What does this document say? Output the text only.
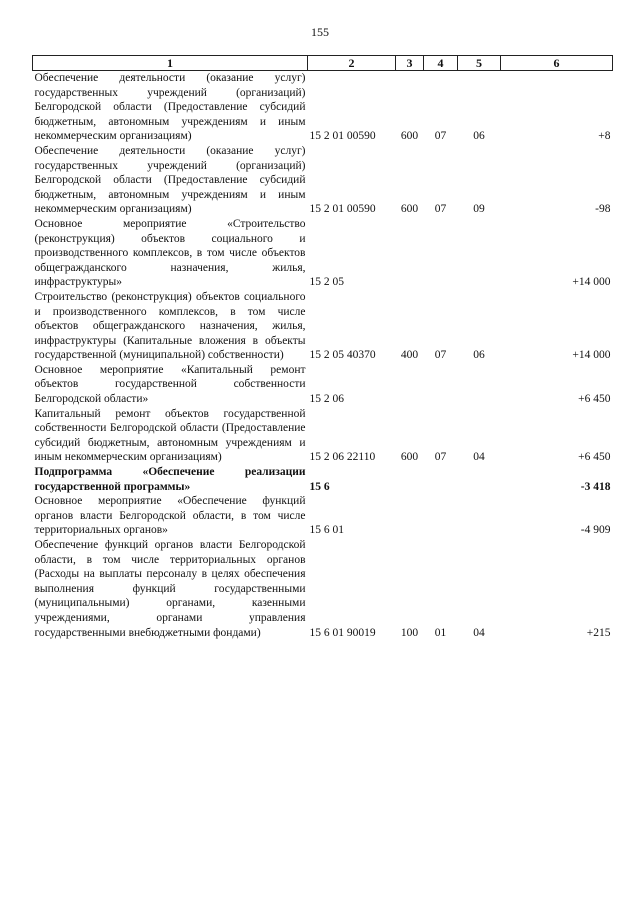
155
1	2	3	4	5	6
Обеспечение деятельности (оказание услуг) государственных учреждений (организаций) Белгородской области (Предоставление субсидий бюджетным, автономным учреждениям и иным некоммерческим организациям)	15 2 01 00590	600	07	06	+8
Обеспечение деятельности (оказание услуг) государственных учреждений (организаций) Белгородской области (Предоставление субсидий бюджетным, автономным учреждениям и иным некоммерческим организациям)	15 2 01 00590	600	07	09	-98
Основное мероприятие «Строительство (реконструкция) объектов социального и производственного комплексов, в том числе объектов общегражданского назначения, жилья, инфраструктуры»	15 2 05				+14 000
Строительство (реконструкция) объектов социального и производственного комплексов, в том числе объектов общегражданского назначения, жилья, инфраструктуры (Капитальные вложения в объекты государственной (муниципальной) собственности)	15 2 05 40370	400	07	06	+14 000
Основное мероприятие «Капитальный ремонт объектов государственной собственности Белгородской области»	15 2 06				+6 450
Капитальный ремонт объектов государственной собственности Белгородской области (Предоставление субсидий бюджетным, автономным учреждениям и иным некоммерческим организациям)	15 2 06 22110	600	07	04	+6 450
Подпрограмма «Обеспечение реализации государственной программы»	15 6				-3 418
Основное мероприятие «Обеспечение функций органов власти Белгородской области, в том числе территориальных органов»	15 6 01				-4 909
Обеспечение функций органов власти Белгородской области, в том числе территориальных органов (Расходы на выплаты персоналу в целях обеспечения выполнения функций государственными (муниципальными) органами, казенными учреждениями, органами управления государственными внебюджетными фондами)	15 6 01 90019	100	01	04	+215
